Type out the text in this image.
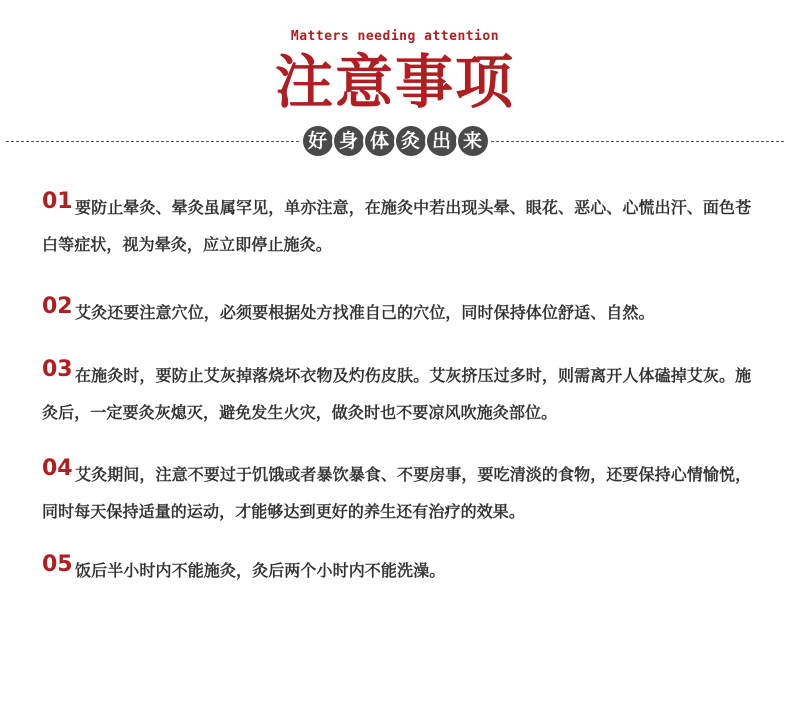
Matters needing attention
注意事项
好 身 体 灸 出 来
01 要防止晕灸、晕灸虽属罕见，单亦注意，在施灸中若出现头晕、眼花、恶心、心慌出汗、面色苍白等症状，视为晕灸，应立即停止施灸。

02 艾灸还要注意穴位，必须要根据处方找准自己的穴位，同时保持体位舒适、自然。

03 在施灸时，要防止艾灰掉落烧坏衣物及灼伤皮肤。艾灰挤压过多时，则需离开人体磕掉艾灰。施灸后，一定要灸灰熄灭，避免发生火灾，做灸时也不要凉风吹施灸部位。

04 艾灸期间，注意不要过于饥饿或者暴饮暴食、不要房事，要吃清淡的食物，还要保持心情愉悦，同时每天保持适量的运动，才能够达到更好的养生还有治疗的效果。

05 饭后半小时内不能施灸，灸后两个小时内不能洗澡。
